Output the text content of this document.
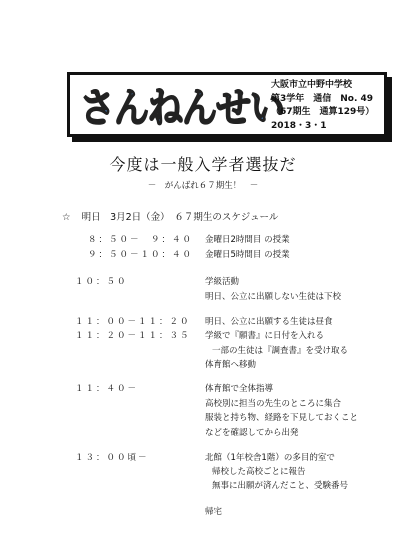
さんねんせい
大阪市立中野中学校
第3学年　通信　No. 49
（67期生　通算129号）
2018・3・1
今度は一般入学者選抜だ
－　がんばれ６７期生！　－
☆ 明日　3月2日（金）　６７期生のスケジュール
８：５０－　９：４０ 金曜日2時間目 の授業
９：５０－１０：４０ 金曜日5時間目 の授業
１０：５０	学級活動
明日、公立に出願しない生徒は下校
１１：００－１１：２０ 明日、公立に出願する生徒は昼食
１１：２０－１１：３５ 学級で『願書』に日付を入れる
一部の生徒は『調査書』を受け取る
体育館へ移動
１１：４０－	体育館で全体指導
高校別に担当の先生のところに集合
服装と持ち物、経路を下見しておくこと
などを確認してから出発
１３：００頃－	北館（1年校舎1階）の多目的室で
帰校した高校ごとに報告
無事に出願が済んだこと、受験番号
帰宅
